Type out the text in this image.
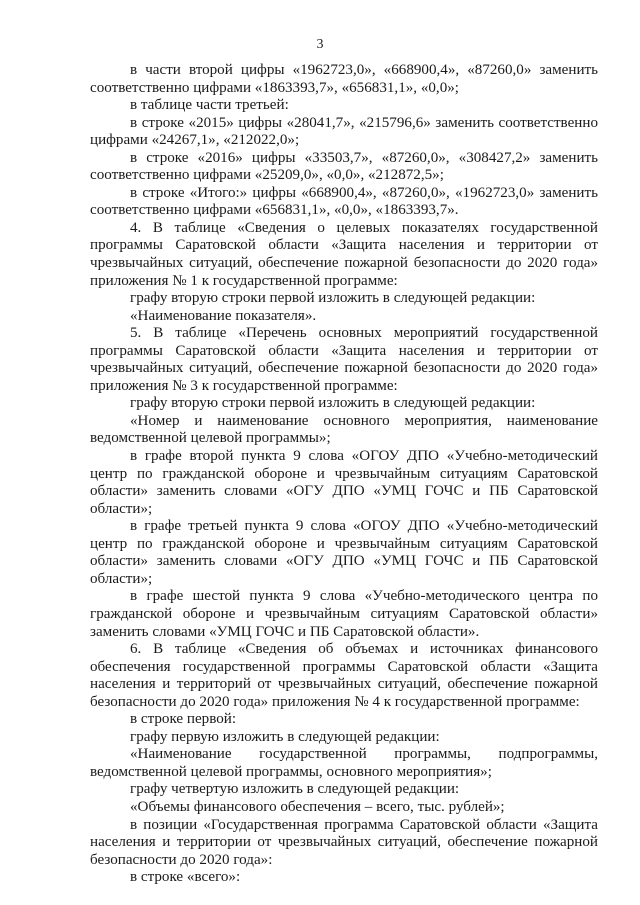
3

в части второй цифры «1962723,0», «668900,4», «87260,0» заменить соответственно цифрами «1863393,7», «656831,1», «0,0»;

в таблице части третьей:

в строке «2015» цифры «28041,7», «215796,6» заменить соответственно цифрами «24267,1», «212022,0»;

в строке «2016» цифры «33503,7», «87260,0», «308427,2» заменить соответственно цифрами «25209,0», «0,0», «212872,5»;

в строке «Итого:» цифры «668900,4», «87260,0», «1962723,0» заменить соответственно цифрами «656831,1», «0,0», «1863393,7».

4. В таблице «Сведения о целевых показателях государственной программы Саратовской области «Защита населения и территории от чрезвычайных ситуаций, обеспечение пожарной безопасности до 2020 года» приложения № 1 к государственной программе:

графу вторую строки первой изложить в следующей редакции:

«Наименование показателя».

5. В таблице «Перечень основных мероприятий государственной программы Саратовской области «Защита населения и территории от чрезвычайных ситуаций, обеспечение пожарной безопасности до 2020 года» приложения № 3 к государственной программе:

графу вторую строки первой изложить в следующей редакции:

«Номер и наименование основного мероприятия, наименование ведомственной целевой программы»;

в графе второй пункта 9 слова «ОГОУ ДПО «Учебно-методический центр по гражданской обороне и чрезвычайным ситуациям Саратовской области» заменить словами «ОГУ ДПО «УМЦ ГОЧС и ПБ Саратовской области»;

в графе третьей пункта 9 слова «ОГОУ ДПО «Учебно-методический центр по гражданской обороне и чрезвычайным ситуациям Саратовской области» заменить словами «ОГУ ДПО «УМЦ ГОЧС и ПБ Саратовской области»;

в графе шестой пункта 9 слова «Учебно-методического центра по гражданской обороне и чрезвычайным ситуациям Саратовской области» заменить словами «УМЦ ГОЧС и ПБ Саратовской области».

6. В таблице «Сведения об объемах и источниках финансового обеспечения государственной программы Саратовской области «Защита населения и территорий от чрезвычайных ситуаций, обеспечение пожарной безопасности до 2020 года» приложения № 4 к государственной программе:

в строке первой:

графу первую изложить в следующей редакции:

«Наименование государственной программы, подпрограммы, ведомственной целевой программы, основного мероприятия»;

графу четвертую изложить в следующей редакции:

«Объемы финансового обеспечения – всего, тыс. рублей»;

в позиции «Государственная программа Саратовской области «Защита населения и территории от чрезвычайных ситуаций, обеспечение пожарной безопасности до 2020 года»:

в строке «всего»:
